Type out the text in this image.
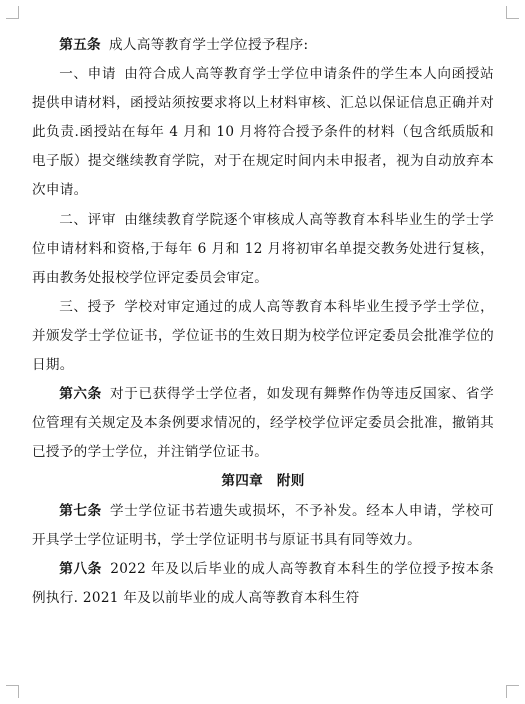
第五条 成人高等教育学士学位授予程序:

一、申请 由符合成人高等教育学士学位申请条件的学生本人向函授站提供申请材料，函授站须按要求将以上材料审核、汇总以保证信息正确并对此负责.函授站在每年 4 月和 10 月将符合授予条件的材料（包含纸质版和电子版）提交继续教育学院，对于在规定时间内未申报者，视为自动放弃本次申请。

二、评审 由继续教育学院逐个审核成人高等教育本科毕业生的学士学位申请材料和资格,于每年 6 月和 12 月将初审名单提交教务处进行复核，再由教务处报校学位评定委员会审定。

三、授予 学校对审定通过的成人高等教育本科毕业生授予学士学位，并颁发学士学位证书，学位证书的生效日期为校学位评定委员会批准学位的日期。

第六条 对于已获得学士学位者，如发现有舞弊作伪等违反国家、省学位管理有关规定及本条例要求情况的，经学校学位评定委员会批准，撤销其已授予的学士学位，并注销学位证书。

第四章　附则

第七条 学士学位证书若遗失或损坏，不予补发。经本人申请，学校可开具学士学位证明书，学士学位证明书与原证书具有同等效力。

第八条 2022 年及以后毕业的成人高等教育本科生的学位授予按本条例执行. 2021 年及以前毕业的成人高等教育本科生符
